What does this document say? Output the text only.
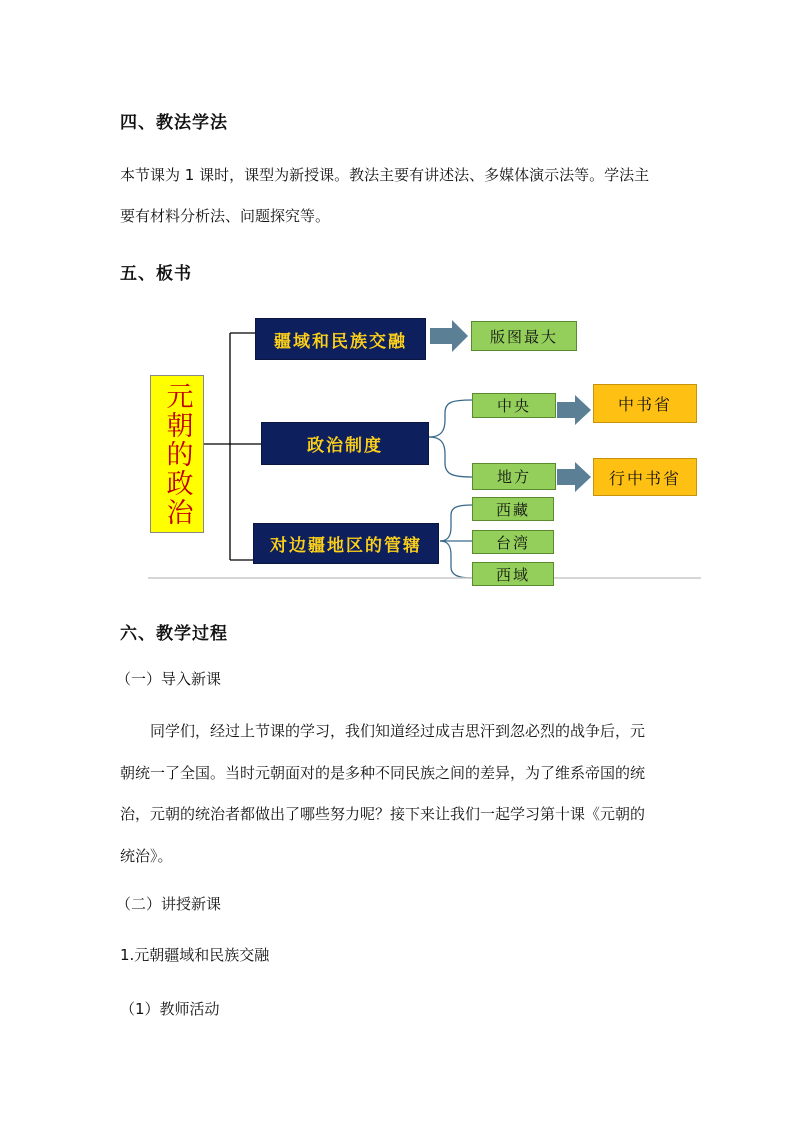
四、教法学法
本节课为 1 课时，课型为新授课。教法主要有讲述法、多媒体演示法等。学法主
要有材料分析法、问题探究等。
五、板书
元朝的政治
疆域和民族交融	版图最大
政治制度
中央	中书省
地方	行中书省
对边疆地区的管辖
西藏
台湾
西域
六、教学过程
（一）导入新课
同学们，经过上节课的学习，我们知道经过成吉思汗到忽必烈的战争后，元
朝统一了全国。当时元朝面对的是多种不同民族之间的差异，为了维系帝国的统
治，元朝的统治者都做出了哪些努力呢？接下来让我们一起学习第十课《元朝的
统治》。
（二）讲授新课
1.元朝疆域和民族交融
（1）教师活动
